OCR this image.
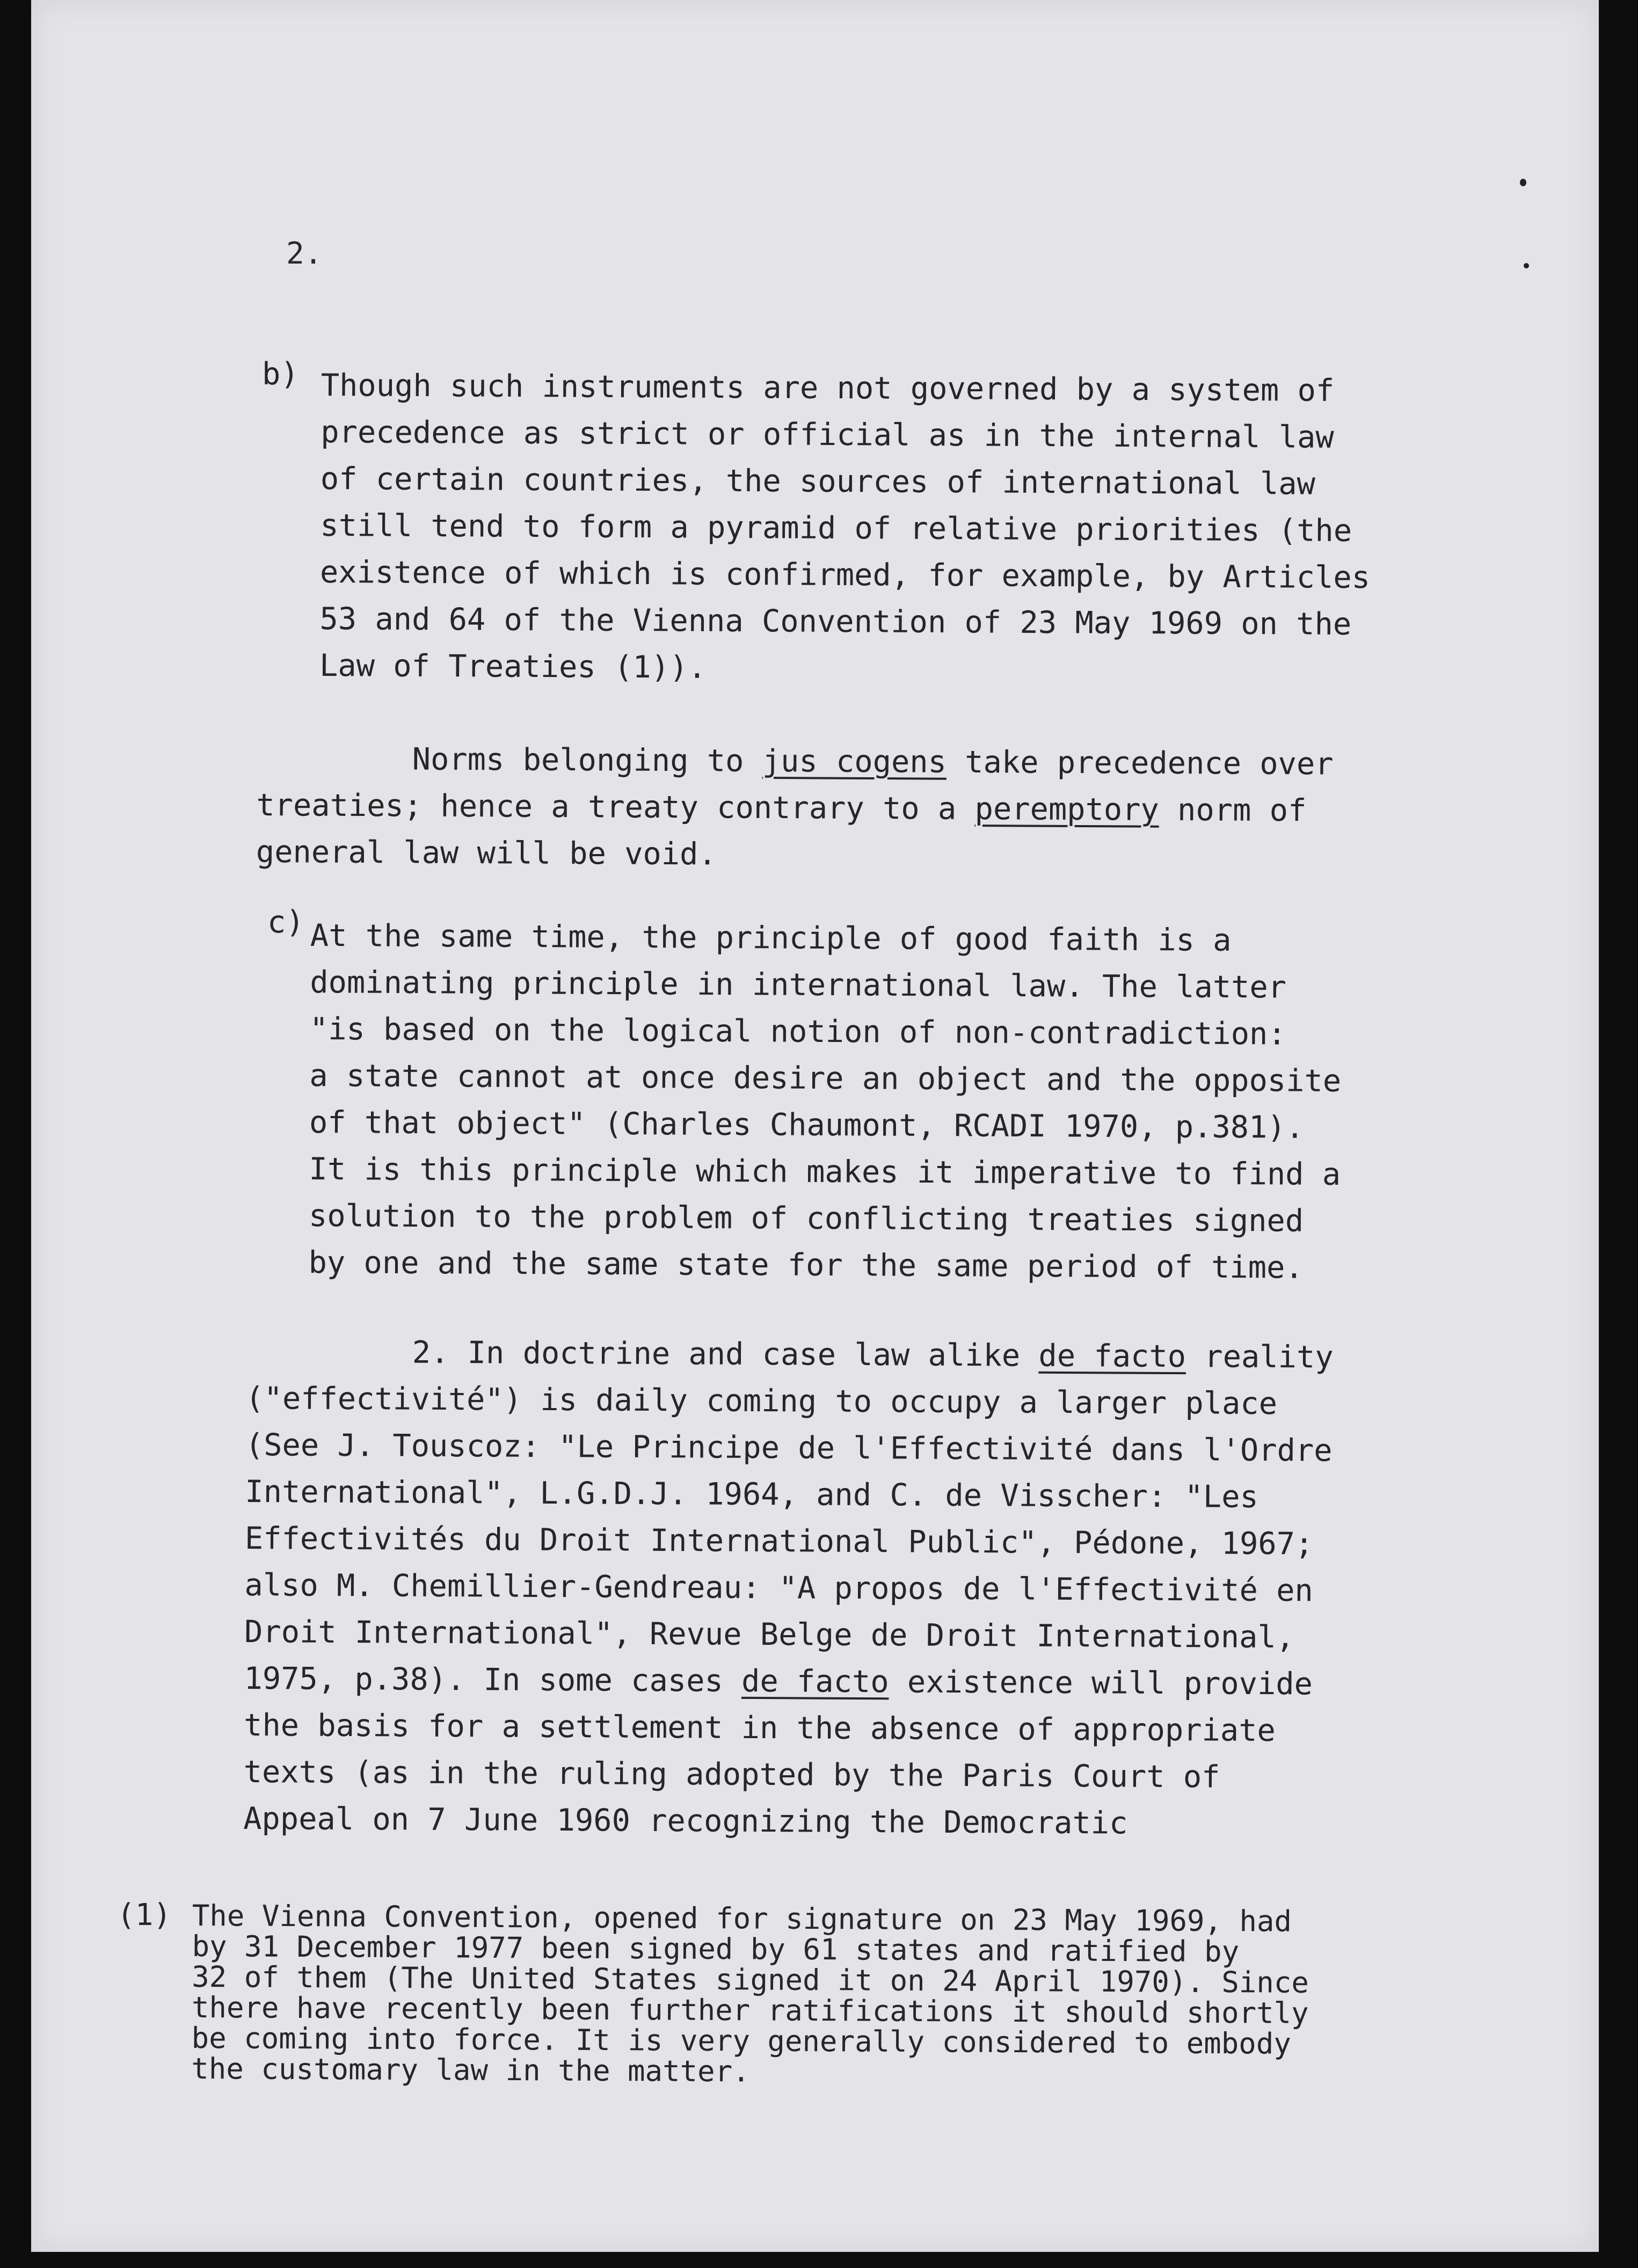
2.
b) Though such instruments are not governed by a system of
precedence as strict or official as in the internal law
of certain countries, the sources of international law
still tend to form a pyramid of relative priorities (the
existence of which is confirmed, for example, by Articles
53 and 64 of the Vienna Convention of 23 May 1969 on the
Law of Treaties (1)).
Norms belonging to jus cogens take precedence over
treaties; hence a treaty contrary to a peremptory norm of
general law will be void.
c) At the same time, the principle of good faith is a
dominating principle in international law. The latter
"is based on the logical notion of non-contradiction:
a state cannot at once desire an object and the opposite
of that object" (Charles Chaumont, RCADI 1970, p.381).
It is this principle which makes it imperative to find a
solution to the problem of conflicting treaties signed
by one and the same state for the same period of time.
2. In doctrine and case law alike de facto reality
("effectivité") is daily coming to occupy a larger place
(See J. Touscoz: "Le Principe de l'Effectivité dans l'Ordre
International", L.G.D.J. 1964, and C. de Visscher: "Les
Effectivités du Droit International Public", Pédone, 1967;
also M. Chemillier-Gendreau: "A propos de l'Effectivité en
Droit International", Revue Belge de Droit International,
1975, p.38). In some cases de facto existence will provide
the basis for a settlement in the absence of appropriate
texts (as in the ruling adopted by the Paris Court of
Appeal on 7 June 1960 recognizing the Democratic
(1) The Vienna Convention, opened for signature on 23 May 1969, had
by 31 December 1977 been signed by 61 states and ratified by
32 of them (The United States signed it on 24 April 1970). Since
there have recently been further ratifications it should shortly
be coming into force. It is very generally considered to embody
the customary law in the matter.
